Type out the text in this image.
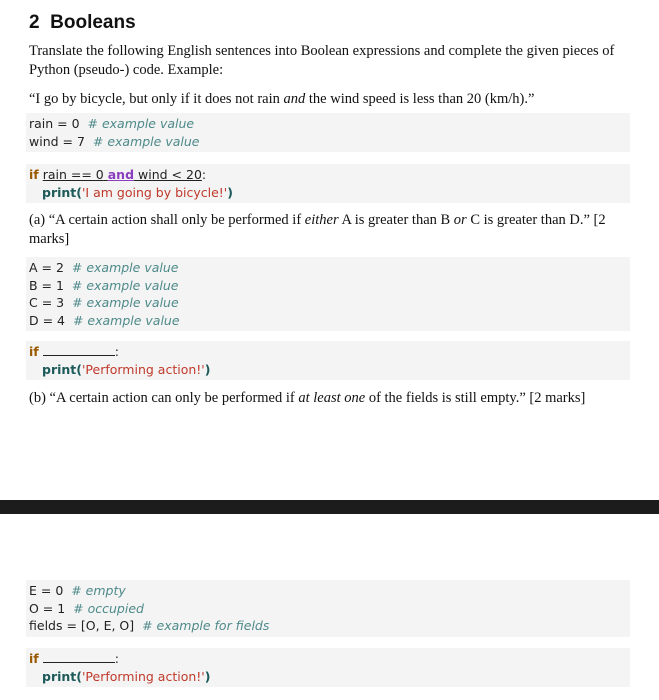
2 Booleans
Translate the following English sentences into Boolean expressions and complete the given pieces of Python (pseudo-) code. Example:
“I go by bicycle, but only if it does not rain and the wind speed is less than 20 (km/h).”
rain = 0  # example value
wind = 7  # example value
if rain == 0 and wind < 20:
print('I am going by bicycle!')
(a) “A certain action shall only be performed if either A is greater than B or C is greater than D.” [2 marks]
A = 2  # example value
B = 1  # example value
C = 3  # example value
D = 4  # example value
if	:
print('Performing action!')
(b) “A certain action can only be performed if at least one of the fields is still empty.” [2 marks]
E = 0  # empty
O = 1  # occupied
fields = [O, E, O]  # example for fields
if	:
print('Performing action!')
